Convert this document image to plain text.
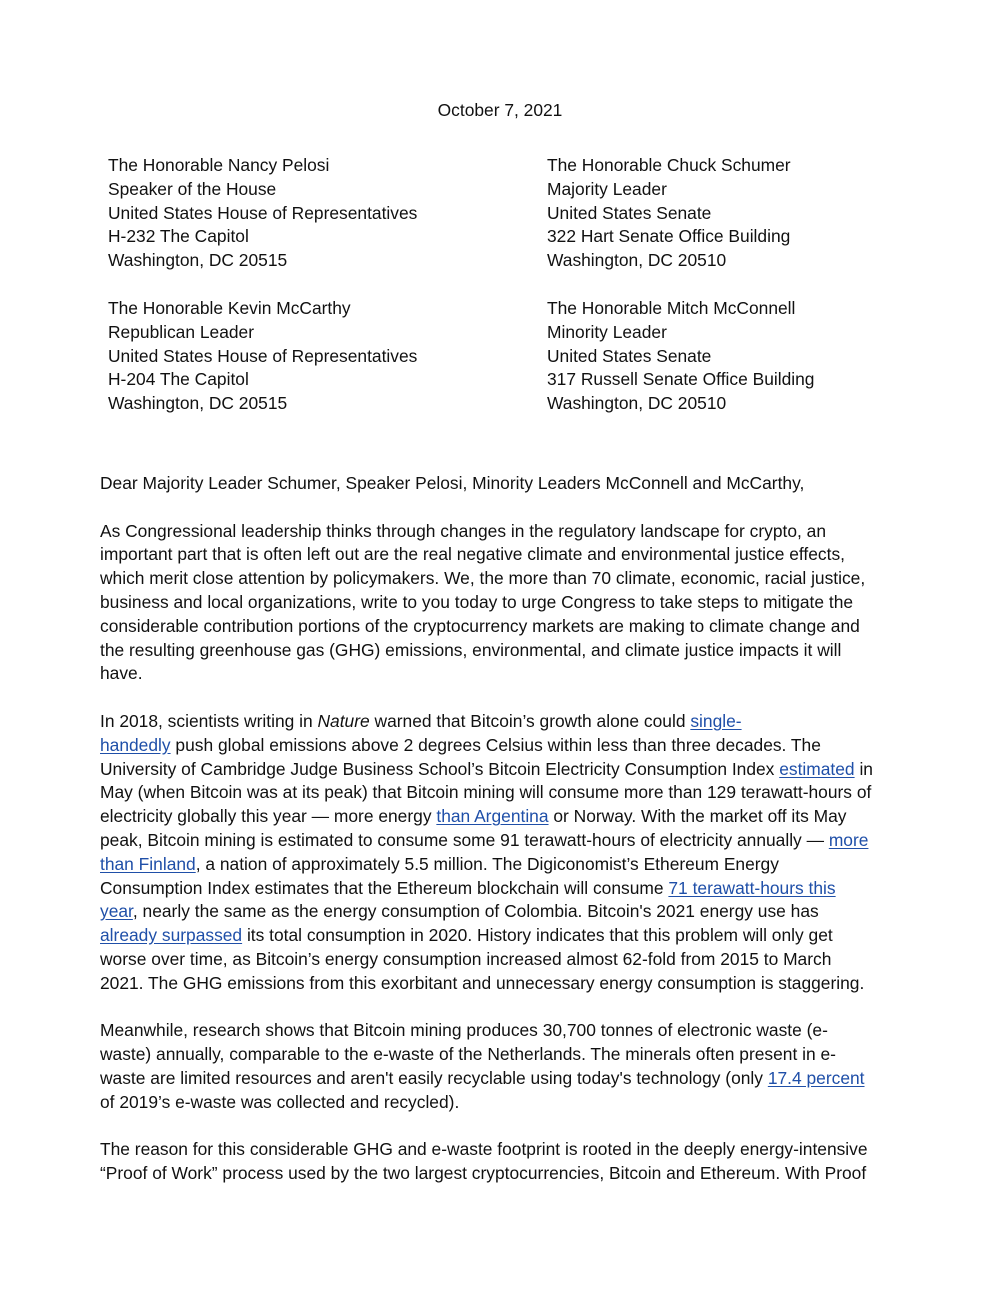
October 7, 2021
The Honorable Nancy Pelosi
Speaker of the House
United States House of Representatives
H-232 The Capitol
Washington, DC 20515
The Honorable Chuck Schumer
Majority Leader
United States Senate
322 Hart Senate Office Building
Washington, DC 20510
The Honorable Kevin McCarthy
Republican Leader
United States House of Representatives
H-204 The Capitol
Washington, DC 20515
The Honorable Mitch McConnell
Minority Leader
United States Senate
317 Russell Senate Office Building
Washington, DC 20510
Dear Majority Leader Schumer, Speaker Pelosi, Minority Leaders McConnell and McCarthy,
As Congressional leadership thinks through changes in the regulatory landscape for crypto, an
important part that is often left out are the real negative climate and environmental justice effects,
which merit close attention by policymakers. We, the more than 70 climate, economic, racial justice,
business and local organizations, write to you today to urge Congress to take steps to mitigate the
considerable contribution portions of the cryptocurrency markets are making to climate change and
the resulting greenhouse gas (GHG) emissions, environmental, and climate justice impacts it will
have.
In 2018, scientists writing in Nature warned that Bitcoin’s growth alone could single-
handedly push global emissions above 2 degrees Celsius within less than three decades. The
University of Cambridge Judge Business School’s Bitcoin Electricity Consumption Index estimated in
May (when Bitcoin was at its peak) that Bitcoin mining will consume more than 129 terawatt-hours of
electricity globally this year — more energy than Argentina or Norway. With the market off its May
peak, Bitcoin mining is estimated to consume some 91 terawatt-hours of electricity annually — more
than Finland, a nation of approximately 5.5 million. The Digiconomist’s Ethereum Energy
Consumption Index estimates that the Ethereum blockchain will consume 71 terawatt-hours this
year, nearly the same as the energy consumption of Colombia. Bitcoin's 2021 energy use has
already surpassed its total consumption in 2020. History indicates that this problem will only get
worse over time, as Bitcoin’s energy consumption increased almost 62-fold from 2015 to March
2021. The GHG emissions from this exorbitant and unnecessary energy consumption is staggering.
Meanwhile, research shows that Bitcoin mining produces 30,700 tonnes of electronic waste (e-
waste) annually, comparable to the e-waste of the Netherlands. The minerals often present in e-
waste are limited resources and aren't easily recyclable using today's technology (only 17.4 percent
of 2019’s e-waste was collected and recycled).
The reason for this considerable GHG and e-waste footprint is rooted in the deeply energy-intensive
“Proof of Work” process used by the two largest cryptocurrencies, Bitcoin and Ethereum. With Proof
